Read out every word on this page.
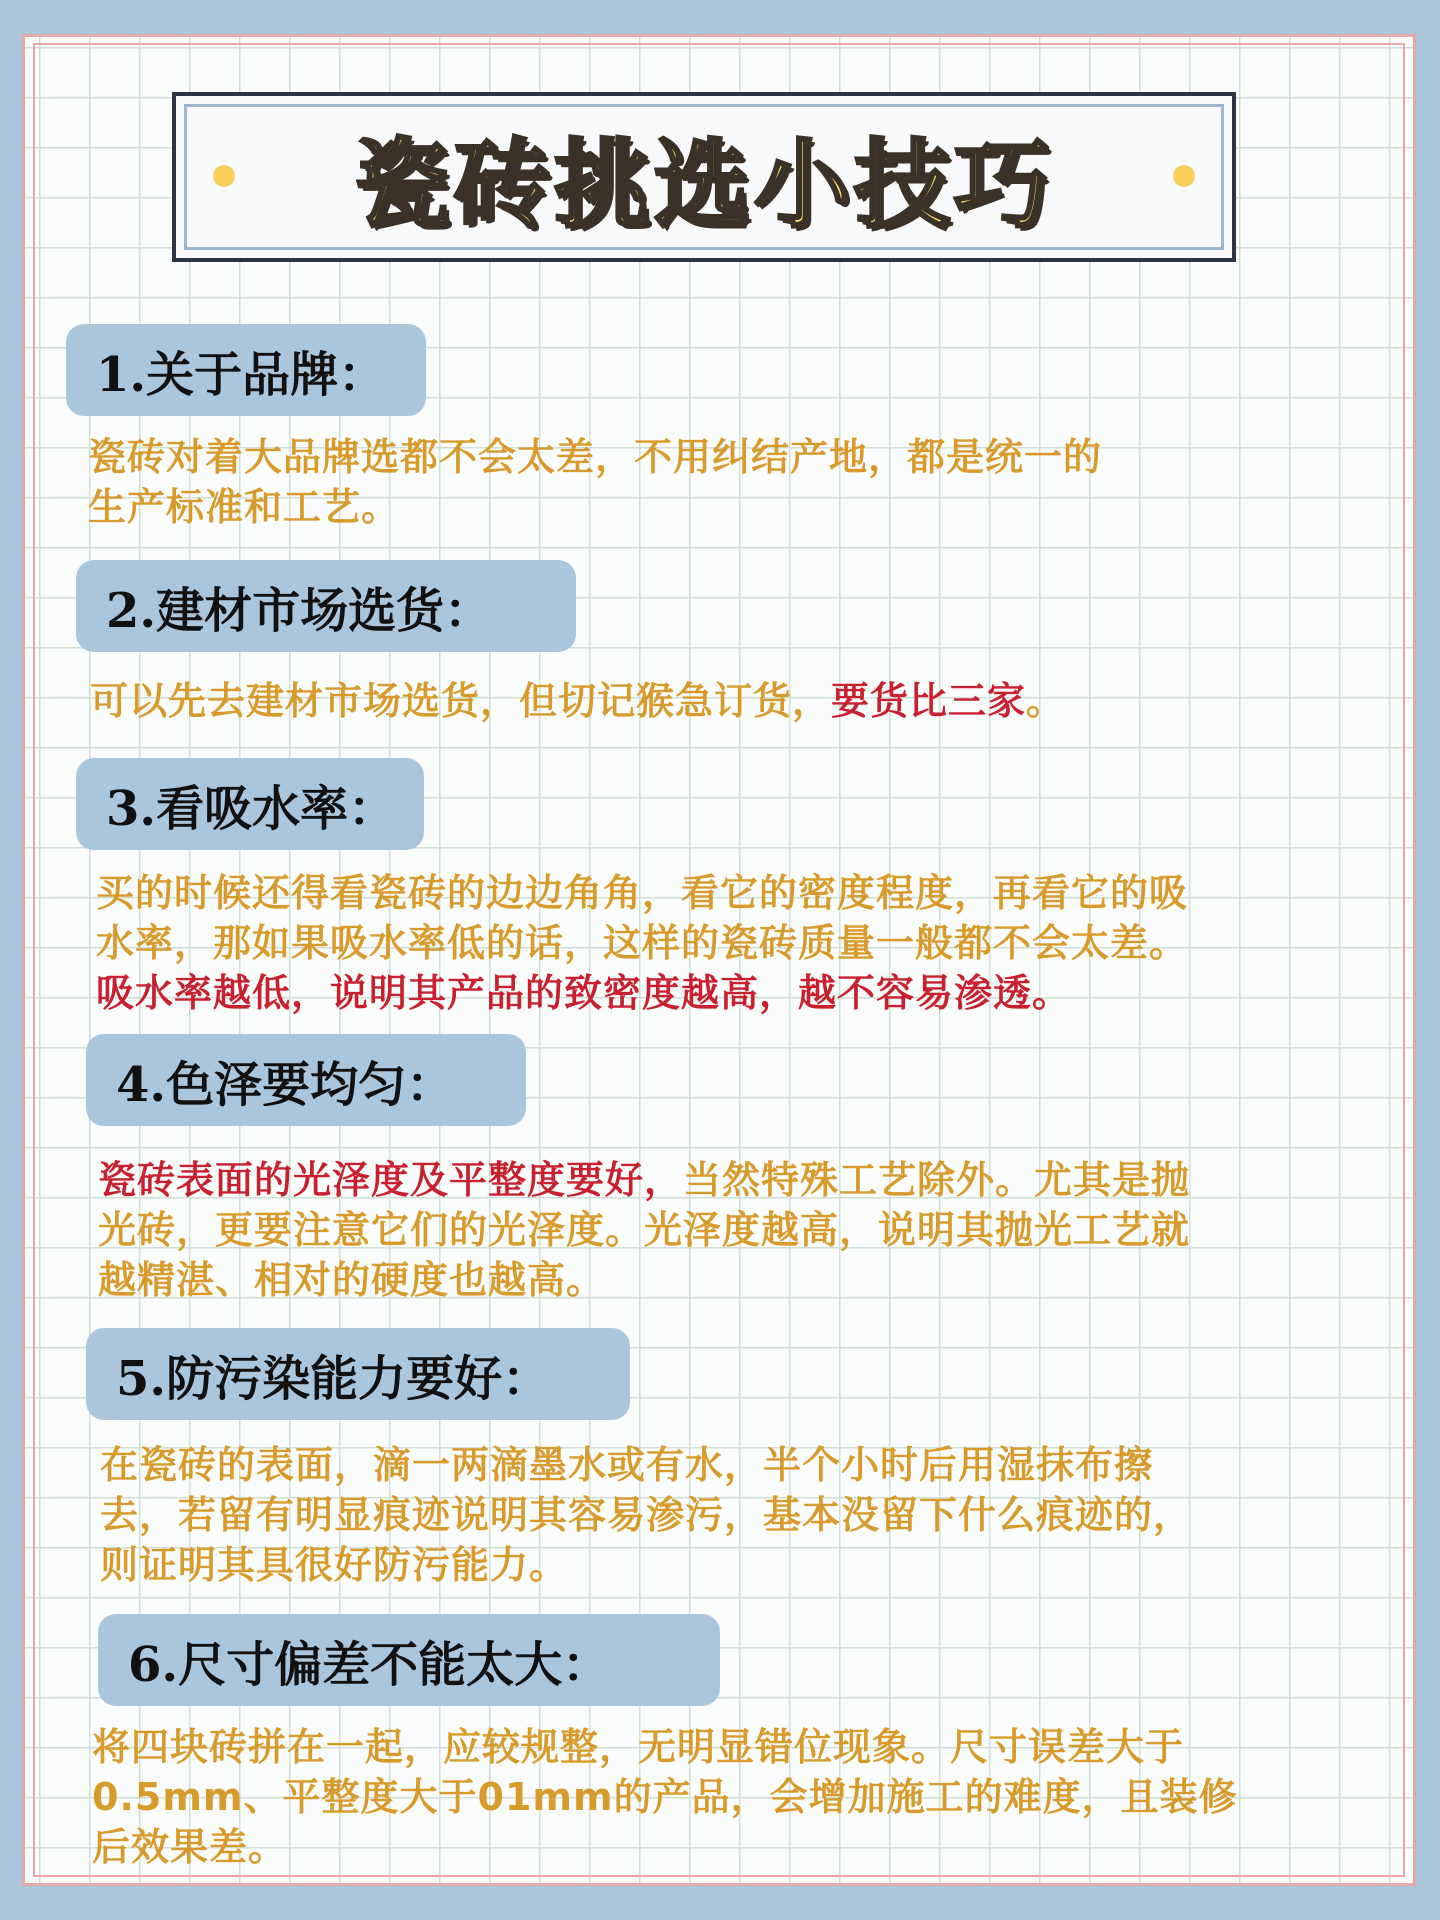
瓷砖挑选小技巧
1.关于品牌：
瓷砖对着大品牌选都不会太差，不用纠结产地，都是统一的
生产标准和工艺。
2.建材市场选货：
可以先去建材市场选货，但切记猴急订货，要货比三家。
3.看吸水率：
买的时候还得看瓷砖的边边角角，看它的密度程度，再看它的吸
水率，那如果吸水率低的话，这样的瓷砖质量一般都不会太差。
吸水率越低，说明其产品的致密度越高，越不容易渗透。
4.色泽要均匀：
瓷砖表面的光泽度及平整度要好，当然特殊工艺除外。尤其是抛
光砖，更要注意它们的光泽度。光泽度越高，说明其抛光工艺就
越精湛、相对的硬度也越高。
5.防污染能力要好：
在瓷砖的表面，滴一两滴墨水或有水，半个小时后用湿抹布擦
去，若留有明显痕迹说明其容易渗污，基本没留下什么痕迹的，
则证明其具很好防污能力。
6.尺寸偏差不能太大：
将四块砖拼在一起，应较规整，无明显错位现象。尺寸误差大于
0.5mm、平整度大于01mm的产品，会增加施工的难度，且装修
后效果差。
